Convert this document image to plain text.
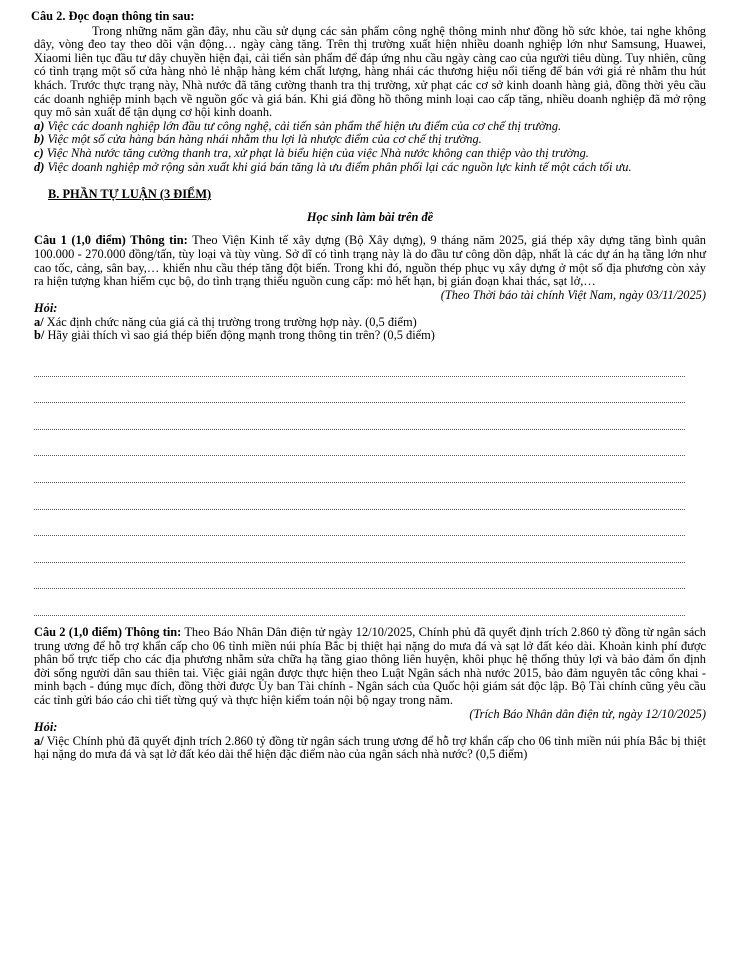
Câu 2. Đọc đoạn thông tin sau:

Trong những năm gần đây, nhu cầu sử dụng các sản phẩm công nghệ thông minh như đồng hồ sức khỏe, tai nghe không dây, vòng đeo tay theo dõi vận động… ngày càng tăng. Trên thị trường xuất hiện nhiều doanh nghiệp lớn như Samsung, Huawei, Xiaomi liên tục đầu tư dây chuyền hiện đại, cải tiến sản phẩm để đáp ứng nhu cầu ngày càng cao của người tiêu dùng. Tuy nhiên, cũng có tình trạng một số cửa hàng nhỏ lẻ nhập hàng kém chất lượng, hàng nhái các thương hiệu nổi tiếng để bán với giá rẻ nhằm thu hút khách. Trước thực trạng này, Nhà nước đã tăng cường thanh tra thị trường, xử phạt các cơ sở kinh doanh hàng giả, đồng thời yêu cầu các doanh nghiệp minh bạch về nguồn gốc và giá bán. Khi giá đồng hồ thông minh loại cao cấp tăng, nhiều doanh nghiệp đã mở rộng quy mô sản xuất để tận dụng cơ hội kinh doanh.

a) Việc các doanh nghiệp lớn đầu tư công nghệ, cải tiến sản phẩm thể hiện ưu điểm của cơ chế thị trường.

b) Việc một số cửa hàng bán hàng nhái nhằm thu lợi là nhược điểm của cơ chế thị trường.

c) Việc Nhà nước tăng cường thanh tra, xử phạt là biểu hiện của việc Nhà nước không can thiệp vào thị trường.

d) Việc doanh nghiệp mở rộng sản xuất khi giá bán tăng là ưu điểm phân phối lại các nguồn lực kinh tế một cách tối ưu.

B. PHẦN TỰ LUẬN (3 ĐIỂM)

Học sinh làm bài trên đề

Câu 1 (1,0 điểm) Thông tin: Theo Viện Kinh tế xây dựng (Bộ Xây dựng), 9 tháng năm 2025, giá thép xây dựng tăng bình quân 100.000 - 270.000 đồng/tấn, tùy loại và tùy vùng. Sở dĩ có tình trạng này là do đầu tư công dồn dập, nhất là các dự án hạ tầng lớn như cao tốc, cảng, sân bay,… khiến nhu cầu thép tăng đột biến. Trong khi đó, nguồn thép phục vụ xây dựng ở một số địa phương còn xảy ra hiện tượng khan hiếm cục bộ, do tình trạng thiếu nguồn cung cấp: mỏ hết hạn, bị gián đoạn khai thác, sạt lở,…

(Theo Thời báo tài chính Việt Nam, ngày 03/11/2025)

Hỏi:

a/ Xác định chức năng của giá cả thị trường trong trường hợp này. (0,5 điểm)

b/ Hãy giải thích vì sao giá thép biến động mạnh trong thông tin trên? (0,5 điểm)

Câu 2 (1,0 điểm) Thông tin: Theo Báo Nhân Dân điện tử ngày 12/10/2025, Chính phủ đã quyết định trích 2.860 tỷ đồng từ ngân sách trung ương để hỗ trợ khẩn cấp cho 06 tỉnh miền núi phía Bắc bị thiệt hại nặng do mưa đá và sạt lở đất kéo dài. Khoản kinh phí được phân bổ trực tiếp cho các địa phương nhằm sửa chữa hạ tầng giao thông liên huyện, khôi phục hệ thống thủy lợi và bảo đảm ổn định đời sống người dân sau thiên tai. Việc giải ngân được thực hiện theo Luật Ngân sách nhà nước 2015, bảo đảm nguyên tắc công khai - minh bạch - đúng mục đích, đồng thời được Ủy ban Tài chính - Ngân sách của Quốc hội giám sát độc lập. Bộ Tài chính cũng yêu cầu các tỉnh gửi báo cáo chi tiết từng quý và thực hiện kiểm toán nội bộ ngay trong năm.

(Trích Báo Nhân dân điện tử, ngày 12/10/2025)

Hỏi:

a/ Việc Chính phủ đã quyết định trích 2.860 tỷ đồng từ ngân sách trung ương để hỗ trợ khẩn cấp cho 06 tỉnh miền núi phía Bắc bị thiệt hại nặng do mưa đá và sạt lở đất kéo dài thể hiện đặc điểm nào của ngân sách nhà nước? (0,5 điểm)
